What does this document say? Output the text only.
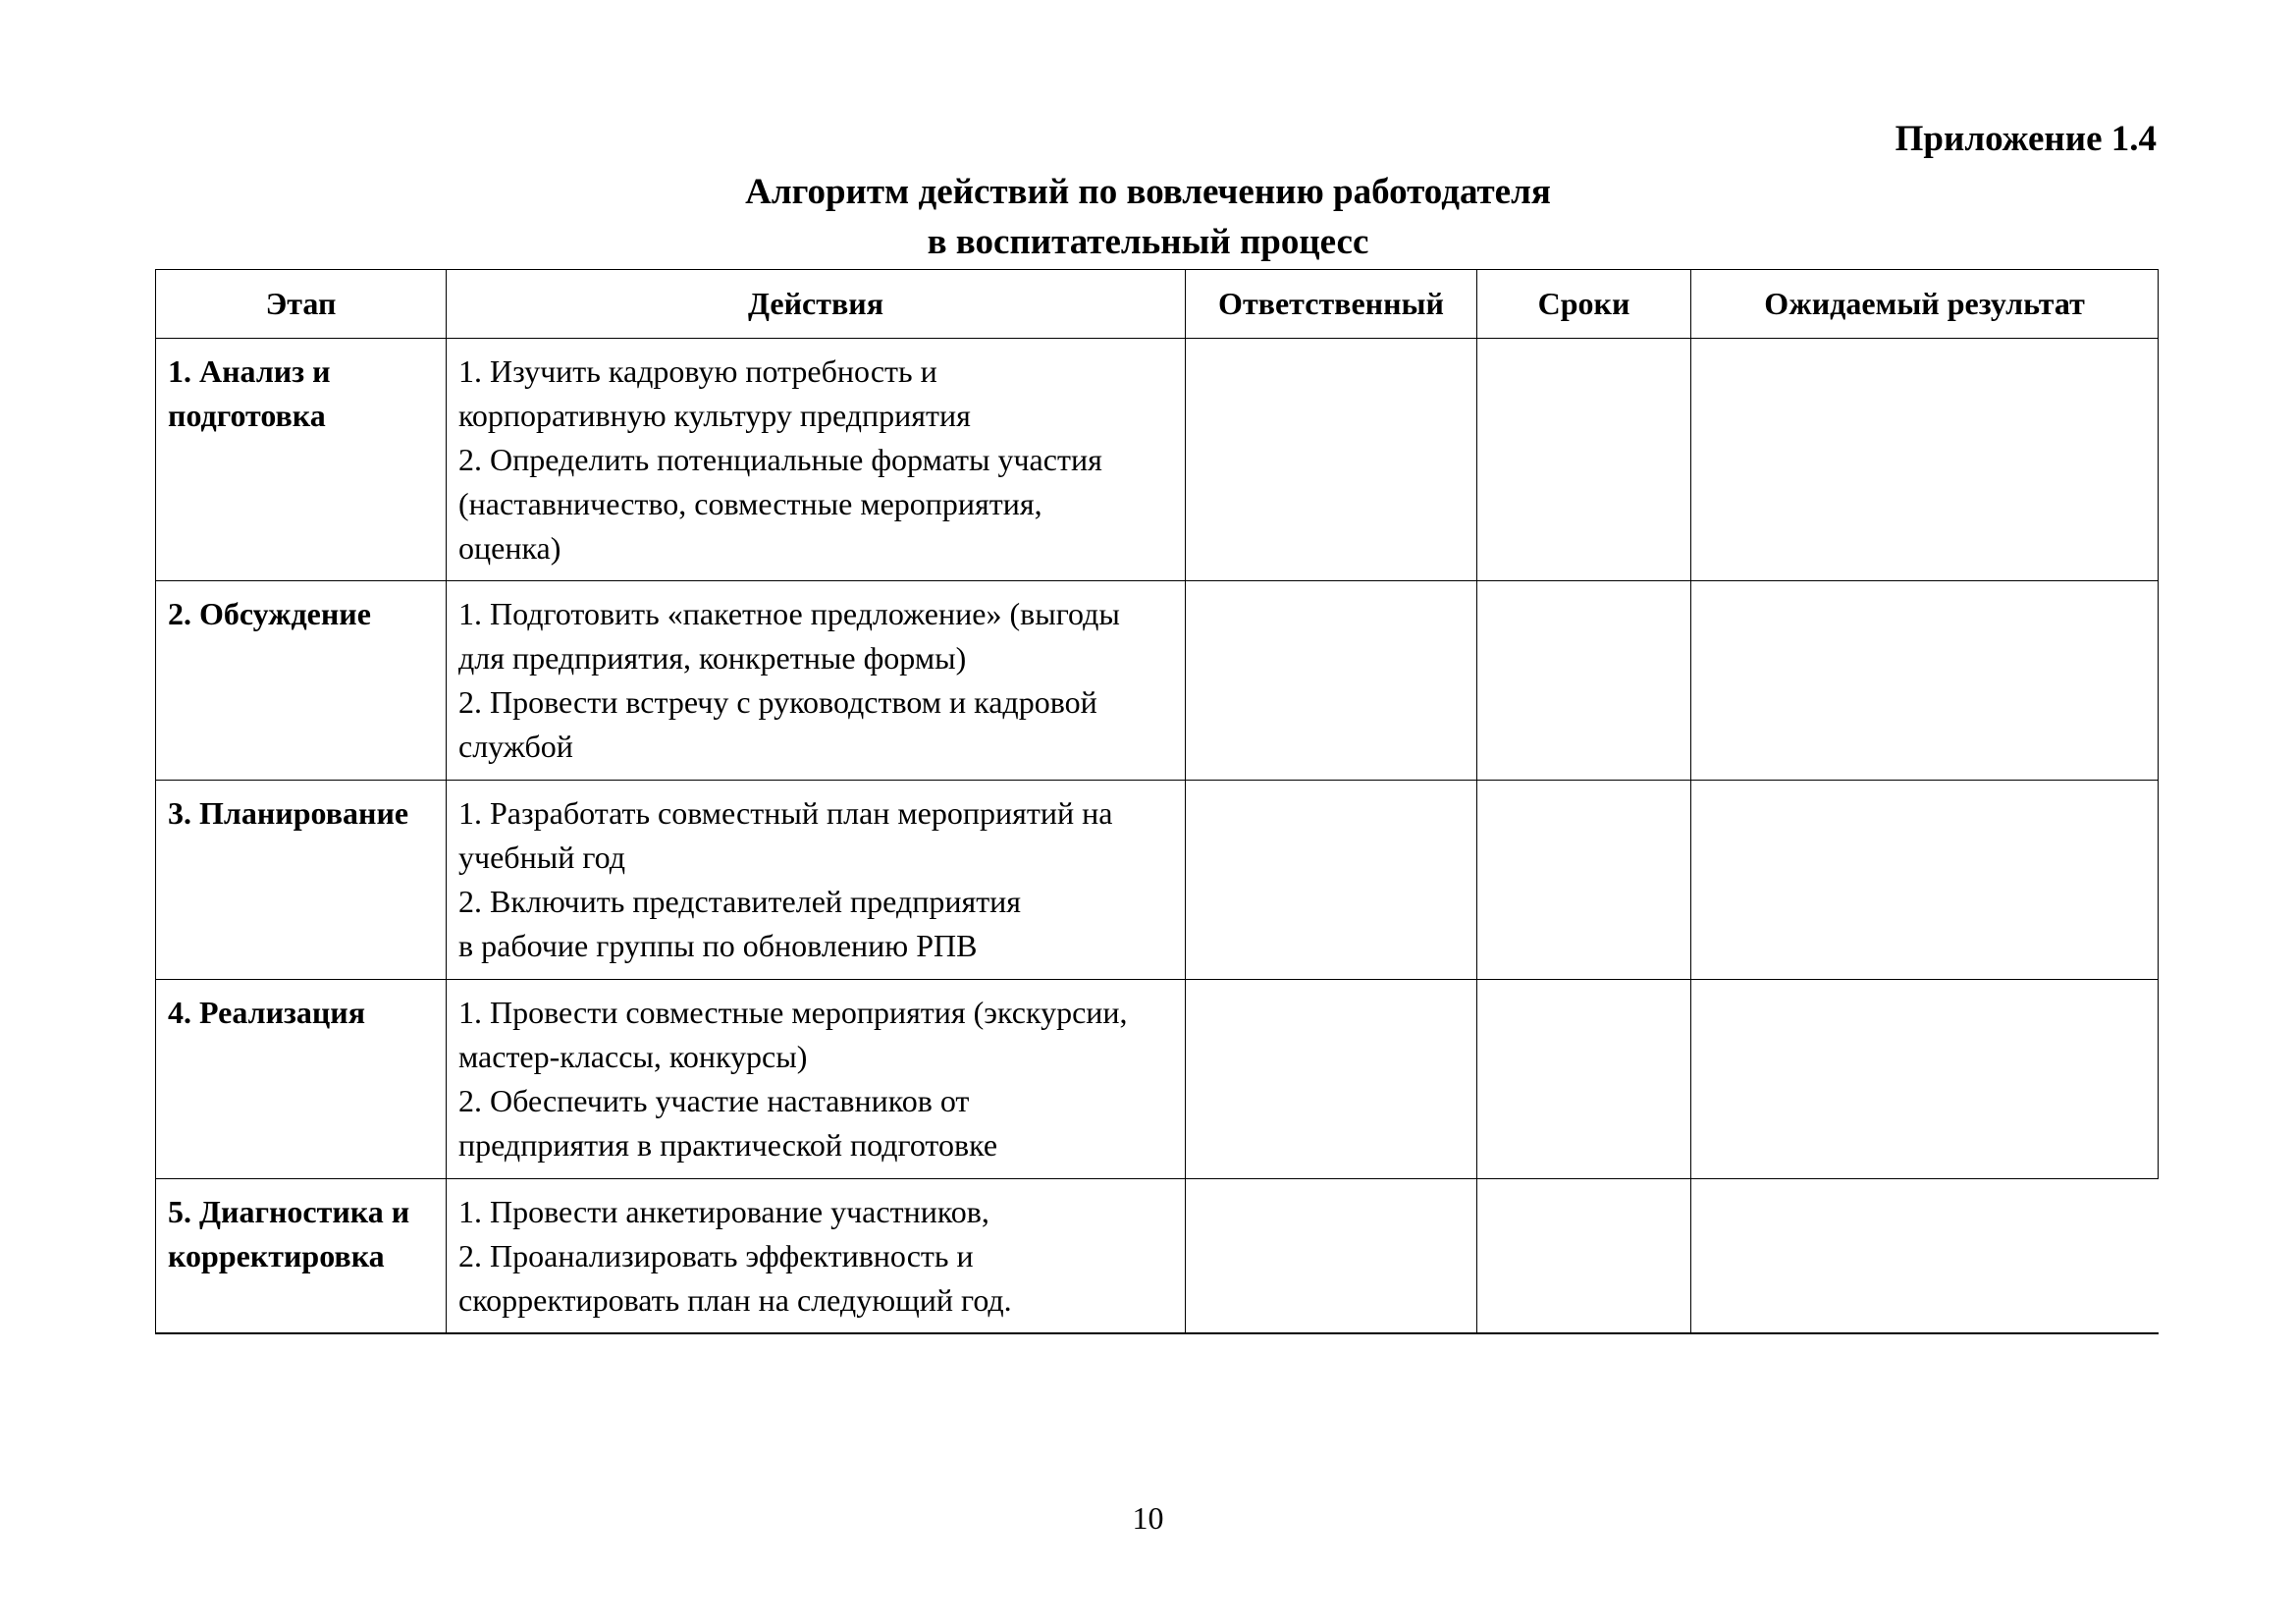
Приложение 1.4
Алгоритм действий по вовлечению работодателя
в воспитательный процесс
Этап	Действия	Ответственный	Сроки	Ожидаемый результат

1. Анализ и
подготовка	1. Изучить кадровую потребность и
корпоративную культуру предприятия
2. Определить потенциальные форматы участия
(наставничество, совместные мероприятия,
оценка)			

2. Обсуждение	1. Подготовить «пакетное предложение» (выгоды
для предприятия, конкретные формы)
2. Провести встречу с руководством и кадровой
службой			

3. Планирование	1. Разработать совместный план мероприятий на
учебный год
2. Включить представителей предприятия
в рабочие группы по обновлению РПВ			

4. Реализация	1. Провести совместные мероприятия (экскурсии,
мастер-классы, конкурсы)
2. Обеспечить участие наставников от
предприятия в практической подготовке			

5. Диагностика и
корректировка	1. Провести анкетирование участников,
2. Проанализировать эффективность и
скорректировать план на следующий год.			

10
